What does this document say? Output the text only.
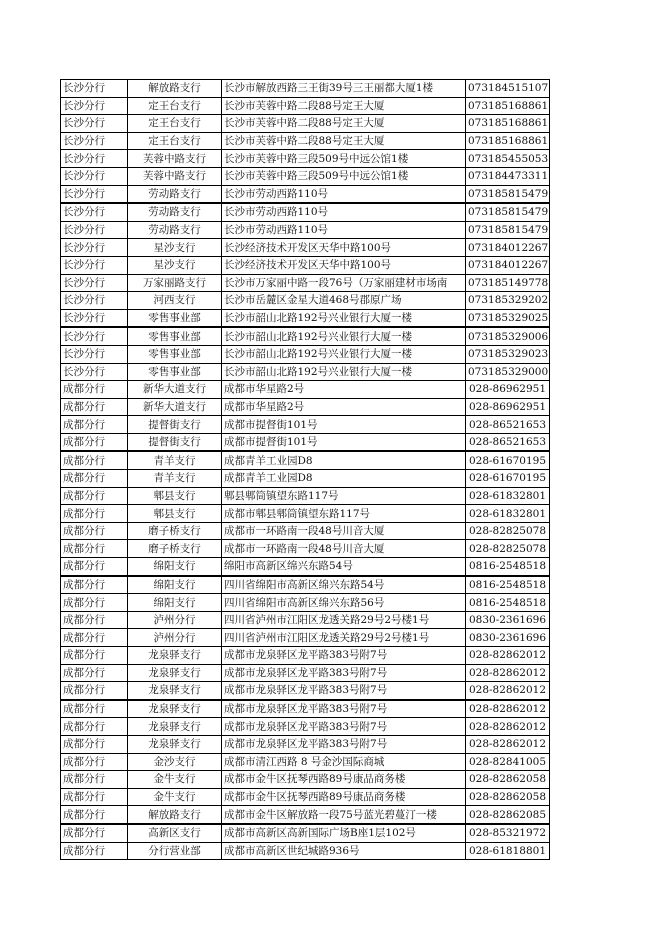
长沙分行	解放路支行	长沙市解放西路三王街39号三王丽都大厦1楼	073184515107
长沙分行	定王台支行	长沙市芙蓉中路二段88号定王大厦	073185168861
长沙分行	定王台支行	长沙市芙蓉中路二段88号定王大厦	073185168861
长沙分行	定王台支行	长沙市芙蓉中路二段88号定王大厦	073185168861
长沙分行	芙蓉中路支行	长沙市芙蓉中路三段509号中远公馆1楼	073185455053
长沙分行	芙蓉中路支行	长沙市芙蓉中路三段509号中远公馆1楼	073184473311
长沙分行	劳动路支行	长沙市劳动西路110号	073185815479
长沙分行	劳动路支行	长沙市劳动西路110号	073185815479
长沙分行	劳动路支行	长沙市劳动西路110号	073185815479
长沙分行	星沙支行	长沙经济技术开发区天华中路100号	073184012267
长沙分行	星沙支行	长沙经济技术开发区天华中路100号	073184012267
长沙分行	万家丽路支行	长沙市万家丽中路一段76号（万家丽建材市场南	073185149778
长沙分行	河西支行	长沙市岳麓区金星大道468号郡原广场	073185329202
长沙分行	零售事业部	长沙市韶山北路192号兴业银行大厦一楼	073185329025
长沙分行	零售事业部	长沙市韶山北路192号兴业银行大厦一楼	073185329006
长沙分行	零售事业部	长沙市韶山北路192号兴业银行大厦一楼	073185329023
长沙分行	零售事业部	长沙市韶山北路192号兴业银行大厦一楼	073185329000
成都分行	新华大道支行	成都市华星路2号	028-86962951
成都分行	新华大道支行	成都市华星路2号	028-86962951
成都分行	提督街支行	成都市提督街101号	028-86521653
成都分行	提督街支行	成都市提督街101号	028-86521653
成都分行	青羊支行	成都青羊工业园D8	028-61670195
成都分行	青羊支行	成都青羊工业园D8	028-61670195
成都分行	郫县支行	郫县郫筒镇望东路117号	028-61832801
成都分行	郫县支行	成都市郫县郫筒镇望东路117号	028-61832801
成都分行	磨子桥支行	成都市一环路南一段48号川音大厦	028-82825078
成都分行	磨子桥支行	成都市一环路南一段48号川音大厦	028-82825078
成都分行	绵阳支行	绵阳市高新区绵兴东路54号	0816-2548518
成都分行	绵阳支行	四川省绵阳市高新区绵兴东路54号	0816-2548518
成都分行	绵阳支行	四川省绵阳市高新区绵兴东路56号	0816-2548518
成都分行	泸州分行	四川省泸州市江阳区龙透关路29号2号楼1号	0830-2361696
成都分行	泸州分行	四川省泸州市江阳区龙透关路29号2号楼1号	0830-2361696
成都分行	龙泉驿支行	成都市龙泉驿区龙平路383号附7号	028-82862012
成都分行	龙泉驿支行	成都市龙泉驿区龙平路383号附7号	028-82862012
成都分行	龙泉驿支行	成都市龙泉驿区龙平路383号附7号	028-82862012
成都分行	龙泉驿支行	成都市龙泉驿区龙平路383号附7号	028-82862012
成都分行	龙泉驿支行	成都市龙泉驿区龙平路383号附7号	028-82862012
成都分行	龙泉驿支行	成都市龙泉驿区龙平路383号附7号	028-82862012
成都分行	金沙支行	成都市清江西路 8 号金沙国际商城	028-82841005
成都分行	金牛支行	成都市金牛区抚琴西路89号康品商务楼	028-82862058
成都分行	金牛支行	成都市金牛区抚琴西路89号康品商务楼	028-82862058
成都分行	解放路支行	成都市金牛区解放路一段75号蓝光碧蔓汀一楼	028-82862085
成都分行	高新区支行	成都市高新区高新国际广场B座1层102号	028-85321972
成都分行	分行营业部	成都市高新区世纪城路936号	028-61818801
